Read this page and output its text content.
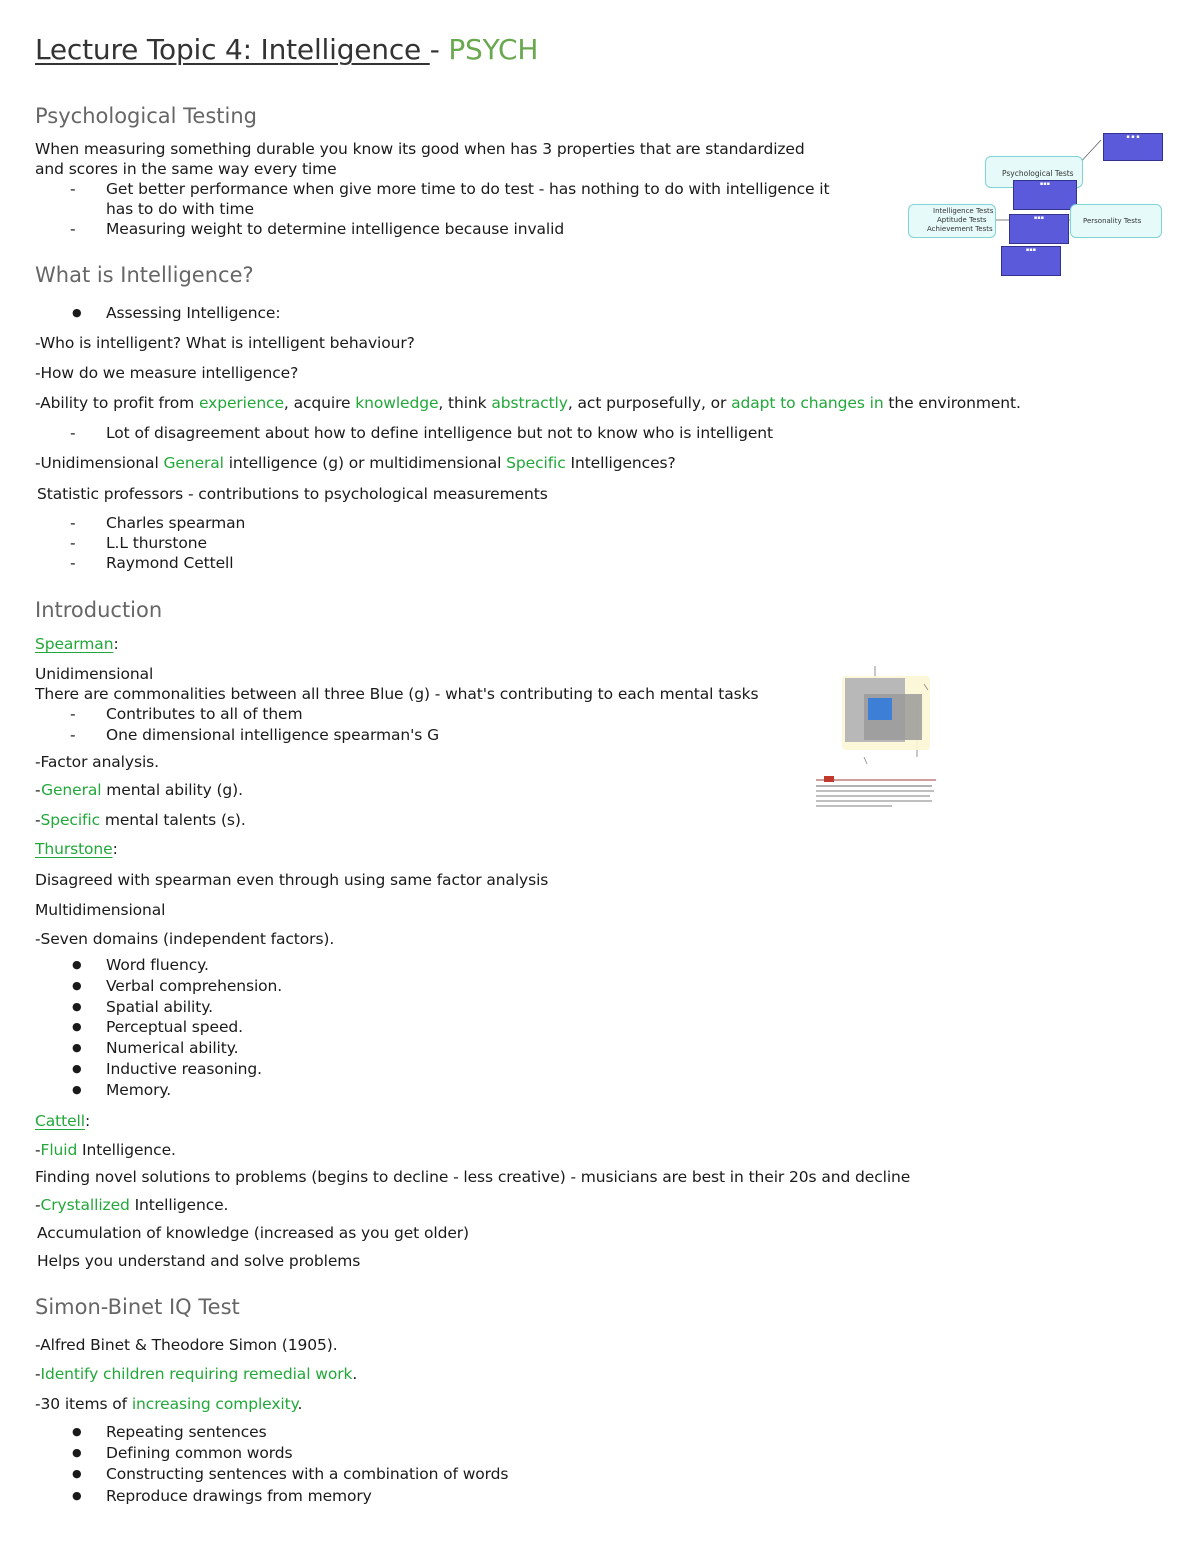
Lecture Topic 4: Intelligence - PSYCH
Psychological Testing
When measuring something durable you know its good when has 3 properties that are standardized
and scores in the same way every time
- Get better performance when give more time to do test - has nothing to do with intelligence it
has to do with time
- Measuring weight to determine intelligence because invalid
▪ ▪ ▪
Psychological Tests
▪▪▪
Intelligence Tests
Aptitude Tests
Achievement Tests
▪▪▪	Personality Tests
▪▪▪
What is Intelligence?
● Assessing Intelligence:
-Who is intelligent? What is intelligent behaviour?
-How do we measure intelligence?
-Ability to profit from experience, acquire knowledge, think abstractly, act purposefully, or adapt to changes in the environment.
- Lot of disagreement about how to define intelligence but not to know who is intelligent
-Unidimensional General intelligence (g) or multidimensional Specific Intelligences?
Statistic professors - contributions to psychological measurements
- Charles spearman
- L.L thurstone
- Raymond Cettell
Introduction
Spearman:
Unidimensional
There are commonalities between all three Blue (g) - what's contributing to each mental tasks
- Contributes to all of them
- One dimensional intelligence spearman's G
-Factor analysis.
-General mental ability (g).
-Specific mental talents (s).
Thurstone:
Disagreed with spearman even through using same factor analysis
Multidimensional
-Seven domains (independent factors).
● Word fluency.
● Verbal comprehension.
● Spatial ability.
● Perceptual speed.
● Numerical ability.
● Inductive reasoning.
● Memory.
Cattell:
-Fluid Intelligence.
Finding novel solutions to problems (begins to decline - less creative) - musicians are best in their 20s and decline
-Crystallized Intelligence.
Accumulation of knowledge (increased as you get older)
Helps you understand and solve problems
Simon-Binet IQ Test
-Alfred Binet & Theodore Simon (1905).
-Identify children requiring remedial work.
-30 items of increasing complexity.
● Repeating sentences
● Defining common words
● Constructing sentences with a combination of words
● Reproduce drawings from memory
